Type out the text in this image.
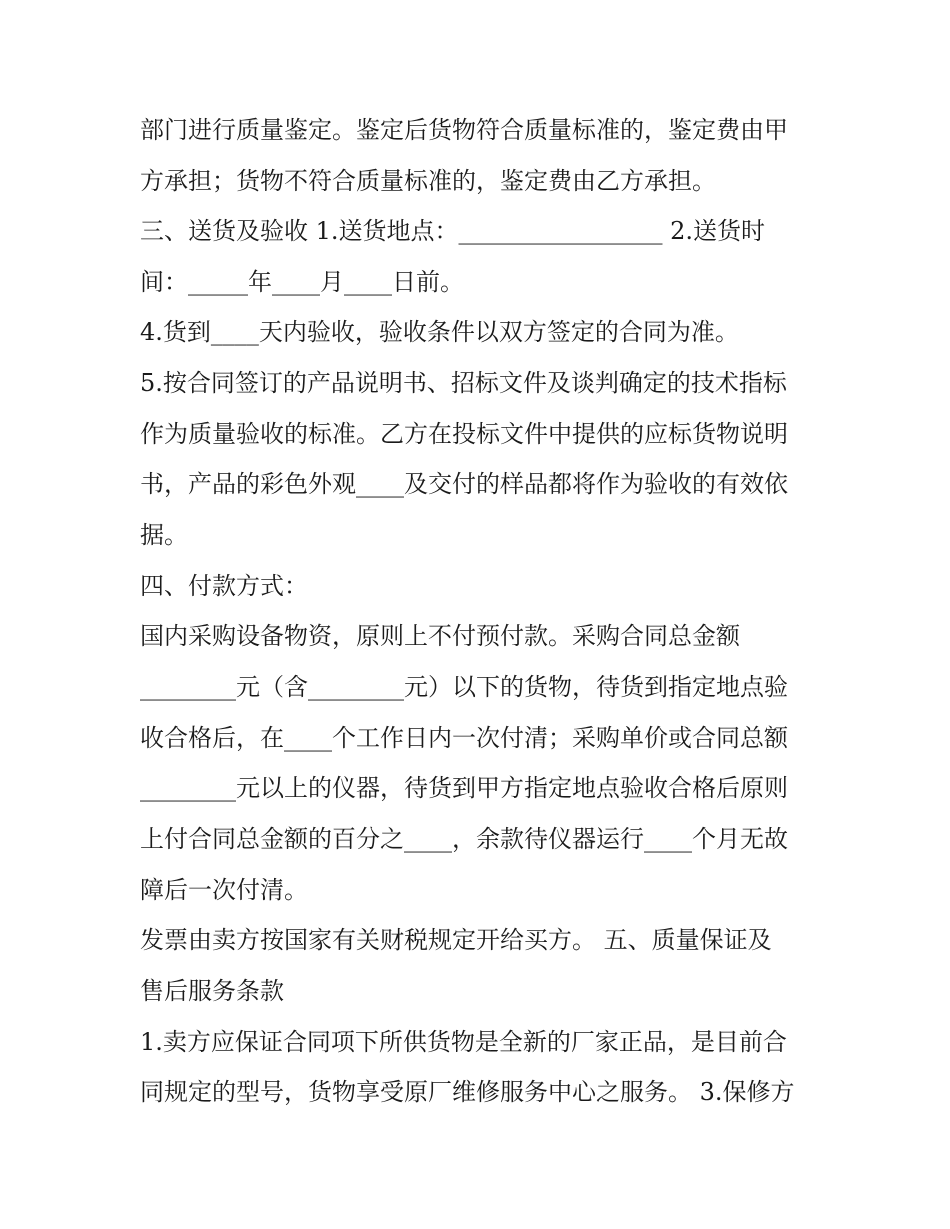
部门进行质量鉴定。鉴定后货物符合质量标准的，鉴定费由甲
方承担；货物不符合质量标准的，鉴定费由乙方承担。
三、送货及验收 1.送货地点：_________________ 2.送货时
间：_____年____月____日前。
4.货到____天内验收，验收条件以双方签定的合同为准。
5.按合同签订的产品说明书、招标文件及谈判确定的技术指标
作为质量验收的标准。乙方在投标文件中提供的应标货物说明
书，产品的彩色外观____及交付的样品都将作为验收的有效依
据。
四、付款方式：
国内采购设备物资，原则上不付预付款。采购合同总金额
________元（含________元）以下的货物，待货到指定地点验
收合格后，在____个工作日内一次付清；采购单价或合同总额
________元以上的仪器，待货到甲方指定地点验收合格后原则
上付合同总金额的百分之____，余款待仪器运行____个月无故
障后一次付清。
发票由卖方按国家有关财税规定开给买方。 五、质量保证及
售后服务条款
1.卖方应保证合同项下所供货物是全新的厂家正品，是目前合
同规定的型号，货物享受原厂维修服务中心之服务。 3.保修方
